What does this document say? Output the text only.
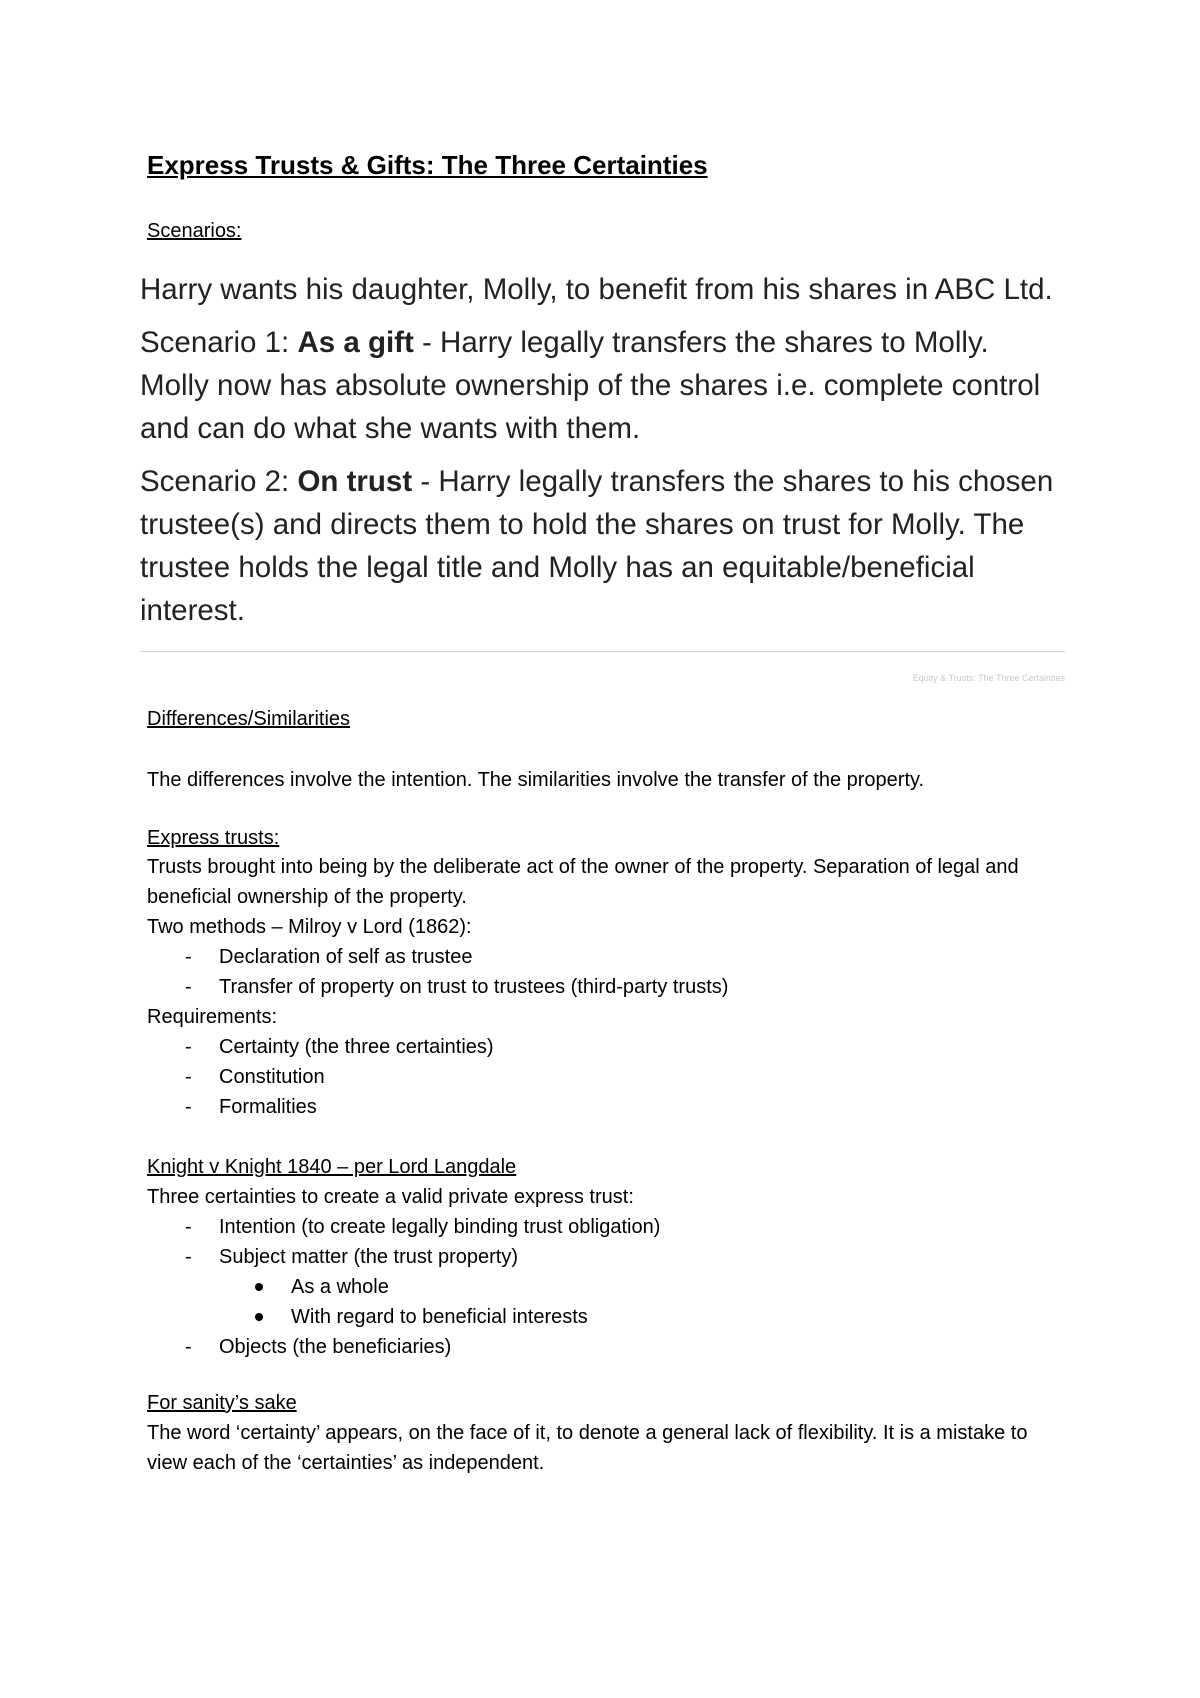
Express Trusts & Gifts: The Three Certainties
Scenarios:

Harry wants his daughter, Molly, to benefit from his shares in ABC Ltd.

Scenario 1: As a gift - Harry legally transfers the shares to Molly. Molly now has absolute ownership of the shares i.e. complete control and can do what she wants with them.

Scenario 2: On trust - Harry legally transfers the shares to his chosen trustee(s) and directs them to hold the shares on trust for Molly. The trustee holds the legal title and Molly has an equitable/beneficial interest.

Equity & Trusts: The Three Certainties
Differences/Similarities

The differences involve the intention. The similarities involve the transfer of the property.

Express trusts:
Trusts brought into being by the deliberate act of the owner of the property. Separation of legal and beneficial ownership of the property.
Two methods – Milroy v Lord (1862):
- Declaration of self as trustee
- Transfer of property on trust to trustees (third-party trusts)
Requirements:
- Certainty (the three certainties)
- Constitution
- Formalities
Knight v Knight 1840 – per Lord Langdale
Three certainties to create a valid private express trust:
- Intention (to create legally binding trust obligation)
- Subject matter (the trust property)
As a whole
With regard to beneficial interests
- Objects (the beneficiaries)
For sanity’s sake

The word ‘certainty’ appears, on the face of it, to denote a general lack of flexibility. It is a mistake to view each of the ‘certainties’ as independent.
